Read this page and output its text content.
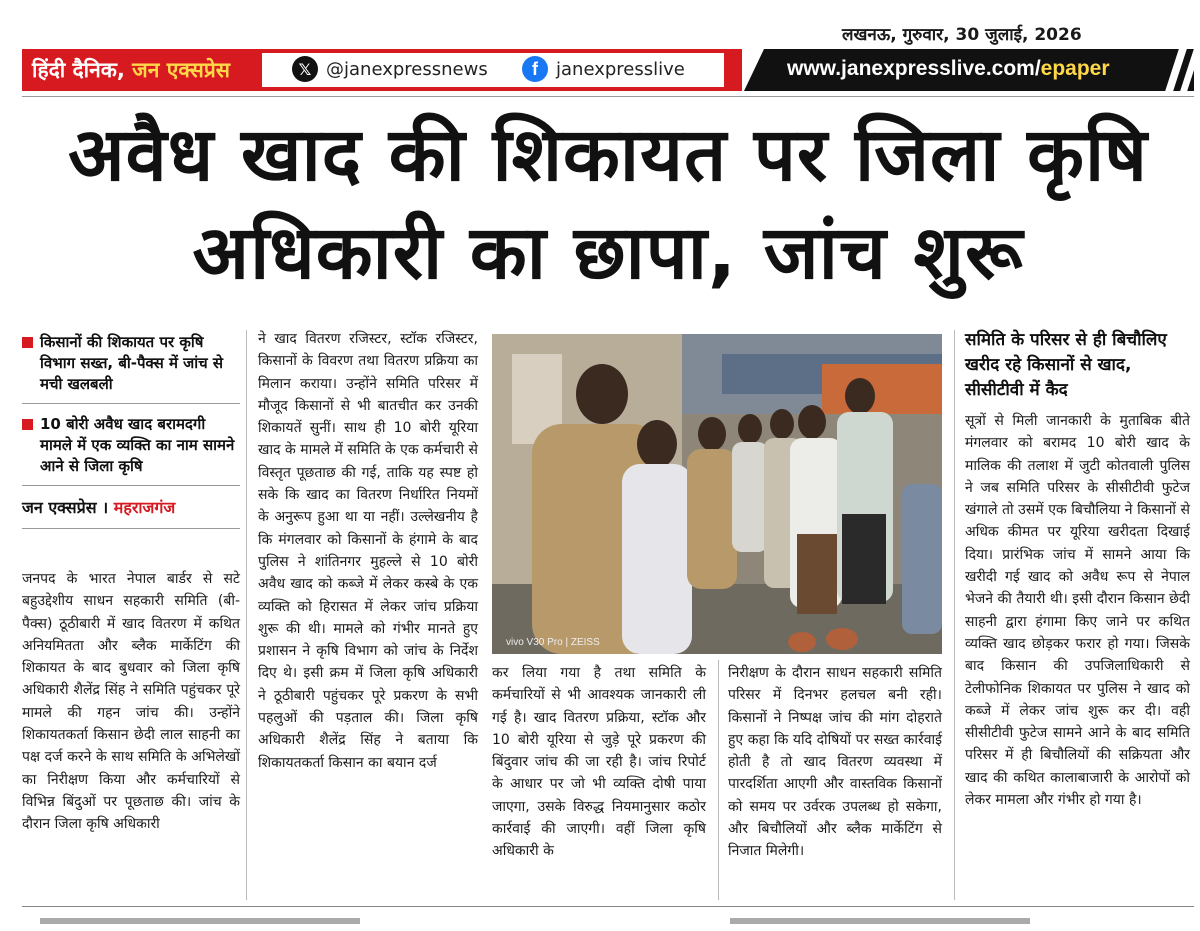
लखनऊ, गुरुवार, 30 जुलाई, 2026
हिंदी दैनिक, जन एक्सप्रेस	𝕏 @janexpressnews	f	janexpresslive	www.janexpresslive.com/epaper
अवैध खाद की शिकायत पर जिला कृषि
अधिकारी का छापा, जांच शुरू
किसानों की शिकायत पर कृषि विभाग सख्त, बी-पैक्स में जांच से मची खलबली
10 बोरी अवैध खाद बरामदगी मामले में एक व्यक्ति का नाम सामने आने से जिला कृषि
जन एक्सप्रेस । महराजगंज
जनपद के भारत नेपाल बार्डर से सटे बहुउद्देशीय साधन सहकारी समिति (बी-पैक्स) ठूठीबारी में खाद वितरण में कथित अनियमितता और ब्लैक मार्केटिंग की शिकायत के बाद बुधवार को जिला कृषि अधिकारी शैलेंद्र सिंह ने समिति पहुंचकर पूरे मामले की गहन जांच की। उन्होंने शिकायतकर्ता किसान छेदी लाल साहनी का पक्ष दर्ज करने के साथ समिति के अभिलेखों का निरीक्षण किया और कर्मचारियों से विभिन्न बिंदुओं पर पूछताछ की। जांच के दौरान जिला कृषि अधिकारी
ने खाद वितरण रजिस्टर, स्टॉक रजिस्टर, किसानों के विवरण तथा वितरण प्रक्रिया का मिलान कराया। उन्होंने समिति परिसर में मौजूद किसानों से भी बातचीत कर उनकी शिकायतें सुनीं। साथ ही 10 बोरी यूरिया खाद के मामले में समिति के एक कर्मचारी से विस्तृत पूछताछ की गई, ताकि यह स्पष्ट हो सके कि खाद का वितरण निर्धारित नियमों के अनुरूप हुआ था या नहीं। उल्लेखनीय है कि मंगलवार को किसानों के हंगामे के बाद पुलिस ने शांतिनगर मुहल्ले से 10 बोरी अवैध खाद को कब्जे में लेकर कस्बे के एक व्यक्ति को हिरासत में लेकर जांच प्रक्रिया शुरू की थी। मामले को गंभीर मानते हुए प्रशासन ने कृषि विभाग को जांच के निर्देश दिए थे। इसी क्रम में जिला कृषि अधिकारी ने ठूठीबारी पहुंचकर पूरे प्रकरण के सभी पहलुओं की पड़ताल की। जिला कृषि अधिकारी शैलेंद्र सिंह ने बताया कि शिकायतकर्ता किसान का बयान दर्ज
कर लिया गया है तथा समिति के कर्मचारियों से भी आवश्यक जानकारी ली गई है। खाद वितरण प्रक्रिया, स्टॉक और 10 बोरी यूरिया से जुड़े पूरे प्रकरण की बिंदुवार जांच की जा रही है। जांच रिपोर्ट के आधार पर जो भी व्यक्ति दोषी पाया जाएगा, उसके विरुद्ध नियमानुसार कठोर कार्रवाई की जाएगी। वहीं जिला कृषि अधिकारी के
निरीक्षण के दौरान साधन सहकारी समिति परिसर में दिनभर हलचल बनी रही। किसानों ने निष्पक्ष जांच की मांग दोहराते हुए कहा कि यदि दोषियों पर सख्त कार्रवाई होती है तो खाद वितरण व्यवस्था में पारदर्शिता आएगी और वास्तविक किसानों को समय पर उर्वरक उपलब्ध हो सकेगा, और बिचौलियों और ब्लैक मार्केटिंग से निजात मिलेगी।
vivo V30 Pro | ZEISS
समिति के परिसर से ही बिचौलिए खरीद रहे किसानों से खाद, सीसीटीवी में कैद
सूत्रों से मिली जानकारी के मुताबिक बीते मंगलवार को बरामद 10 बोरी खाद के मालिक की तलाश में जुटी कोतवाली पुलिस ने जब समिति परिसर के सीसीटीवी फुटेज खंगाले तो उसमें एक बिचौलिया ने किसानों से अधिक कीमत पर यूरिया खरीदता दिखाई दिया। प्रारंभिक जांच में सामने आया कि खरीदी गई खाद को अवैध रूप से नेपाल भेजने की तैयारी थी। इसी दौरान किसान छेदी साहनी द्वारा हंगामा किए जाने पर कथित व्यक्ति खाद छोड़कर फरार हो गया। जिसके बाद किसान की उपजिलाधिकारी से टेलीफोनिक शिकायत पर पुलिस ने खाद को कब्जे में लेकर जांच शुरू कर दी। वही सीसीटीवी फुटेज सामने आने के बाद समिति परिसर में ही बिचौलियों की सक्रियता और खाद की कथित कालाबाजारी के आरोपों को लेकर मामला और गंभीर हो गया है।
